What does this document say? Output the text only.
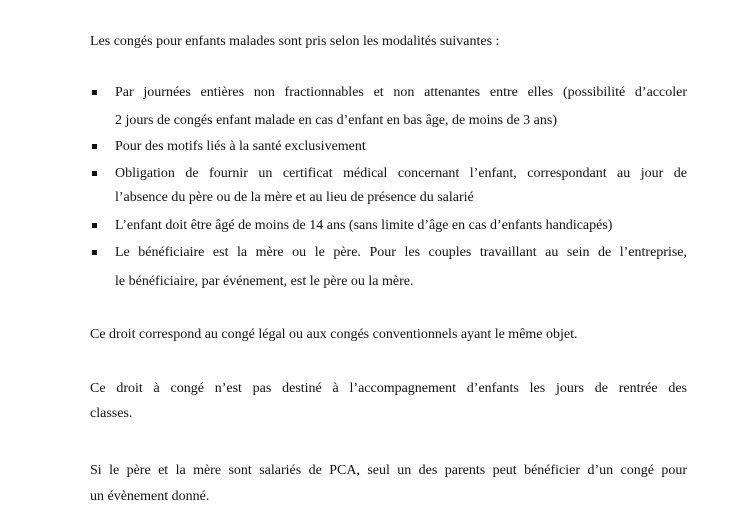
Les congés pour enfants malades sont pris selon les modalités suivantes :
Par journées entières non fractionnables et non attenantes entre elles (possibilité d’accoler
2 jours de congés enfant malade en cas d’enfant en bas âge, de moins de 3 ans)
Pour des motifs liés à la santé exclusivement
Obligation de fournir un certificat médical concernant l’enfant, correspondant au jour de
l’absence du père ou de la mère et au lieu de présence du salarié
L’enfant doit être âgé de moins de 14 ans (sans limite d’âge en cas d’enfants handicapés)
Le bénéficiaire est la mère ou le père. Pour les couples travaillant au sein de l’entreprise,
le bénéficiaire, par événement, est le père ou la mère.
Ce droit correspond au congé légal ou aux congés conventionnels ayant le même objet.
Ce droit à congé n’est pas destiné à l’accompagnement d’enfants les jours de rentrée des
classes.
Si le père et la mère sont salariés de PCA, seul un des parents peut bénéficier d’un congé pour
un évènement donné.
